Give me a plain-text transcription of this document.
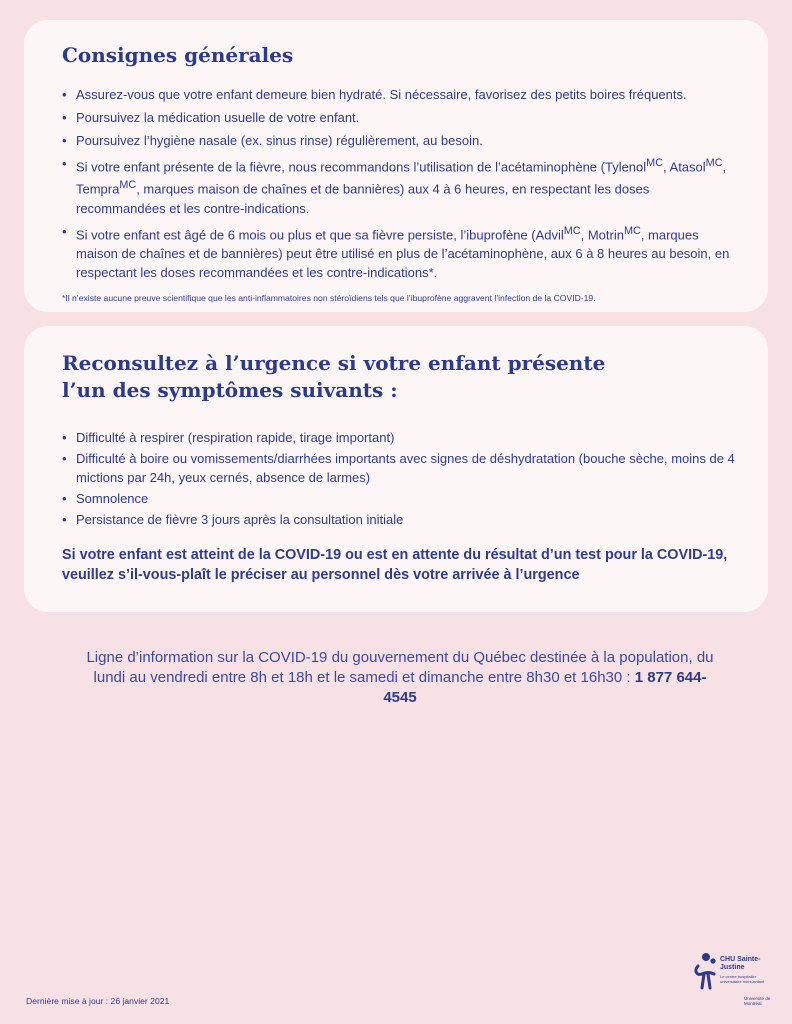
Consignes générales
• Assurez-vous que votre enfant demeure bien hydraté. Si nécessaire, favorisez des petits boires fréquents.
• Poursuivez la médication usuelle de votre enfant.
• Poursuivez l’hygiène nasale (ex. sinus rinse) régulièrement, au besoin.
• Si votre enfant présente de la fièvre, nous recommandons l’utilisation de l’acétaminophène (Tylenol$^{MC}$, Atasol$^{MC}$, Tempra$^{MC}$, marques maison de chaînes et de bannières) aux 4 à 6 heures, en respectant les doses recommandées et les contre-indications.
• Si votre enfant est âgé de 6 mois ou plus et que sa fièvre persiste, l’ibuprofène (Advil$^{MC}$, Motrin$^{MC}$, marques maison de chaînes et de bannières) peut être utilisé en plus de l’acétaminophène, aux 6 à 8 heures au besoin, en respectant les doses recommandées et les contre-indications*.
*Il n’existe aucune preuve scientifique que les anti-inflammatoires non stéroïdiens tels que l’ibuprofène aggravent l’infection de la COVID-19.
Reconsultez à l’urgence si votre enfant présente
l’un des symptômes suivants :
• Difficulté à respirer (respiration rapide, tirage important)
• Difficulté à boire ou vomissements/diarrhées importants avec signes de déshydratation (bouche sèche, moins de 4 mictions par 24h, yeux cernés, absence de larmes)
• Somnolence
• Persistance de fièvre 3 jours après la consultation initiale
Si votre enfant est atteint de la COVID-19 ou est en attente du résultat d’un test pour la COVID-19, veuillez s’il-vous-plaît le préciser au personnel dès votre arrivée à l’urgence
Ligne d’information sur la COVID-19 du gouvernement du Québec destinée à la population, du lundi au vendredi entre 8h et 18h et le samedi et dimanche entre 8h30 et 16h30 : 1 877 644-4545
Dernière mise à jour : 26 janvier 2021
CHU Sainte-Justine
Le centre hospitalier universitaire mère-enfant
Université de Montréal
